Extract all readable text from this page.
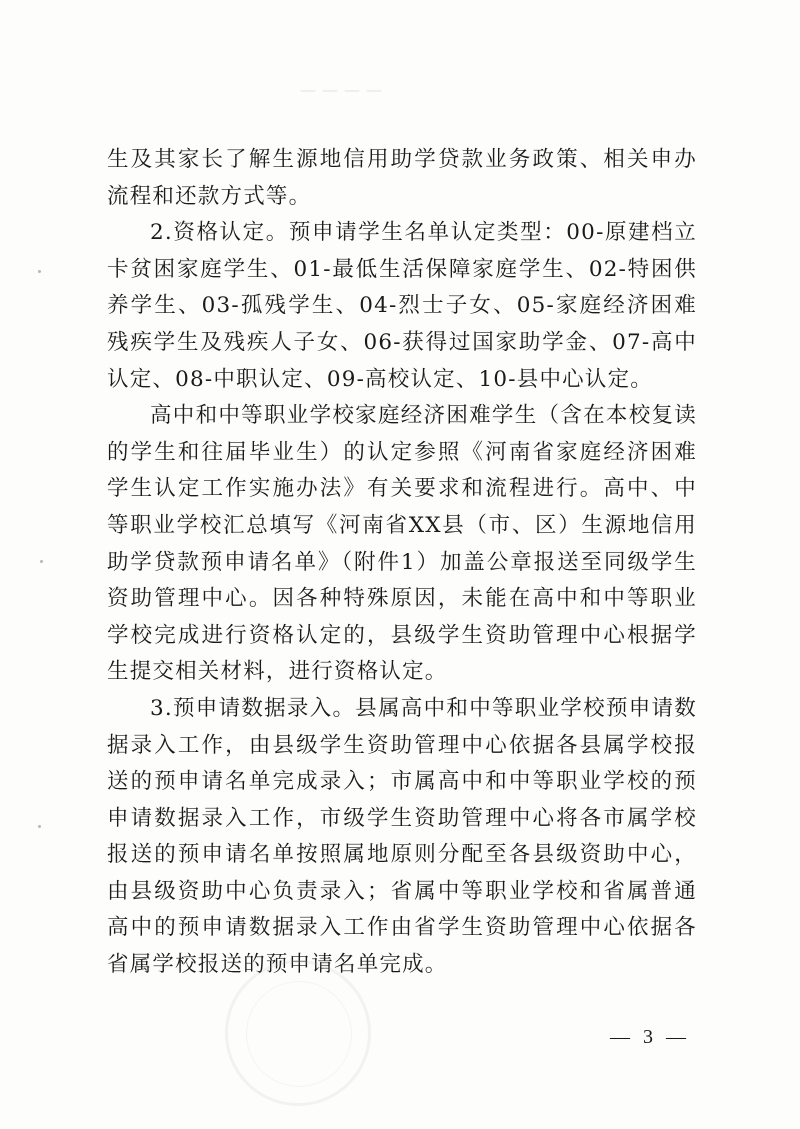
————

生及其家长了解生源地信用助学贷款业务政策、相关申办流程和还款方式等。

2.资格认定。预申请学生名单认定类型：00-原建档立卡贫困家庭学生、01-最低生活保障家庭学生、02-特困供养学生、03-孤残学生、04-烈士子女、05-家庭经济困难残疾学生及残疾人子女、06-获得过国家助学金、07-高中认定、08-中职认定、09-高校认定、10-县中心认定。

高中和中等职业学校家庭经济困难学生（含在本校复读的学生和往届毕业生）的认定参照《河南省家庭经济困难学生认定工作实施办法》有关要求和流程进行。高中、中等职业学校汇总填写《河南省XX县（市、区）生源地信用助学贷款预申请名单》（附件1）加盖公章报送至同级学生资助管理中心。因各种特殊原因，未能在高中和中等职业学校完成进行资格认定的，县级学生资助管理中心根据学生提交相关材料，进行资格认定。

3.预申请数据录入。县属高中和中等职业学校预申请数据录入工作，由县级学生资助管理中心依据各县属学校报送的预申请名单完成录入；市属高中和中等职业学校的预申请数据录入工作，市级学生资助管理中心将各市属学校报送的预申请名单按照属地原则分配至各县级资助中心，由县级资助中心负责录入；省属中等职业学校和省属普通高中的预申请数据录入工作由省学生资助管理中心依据各省属学校报送的预申请名单完成。

— 3 —
